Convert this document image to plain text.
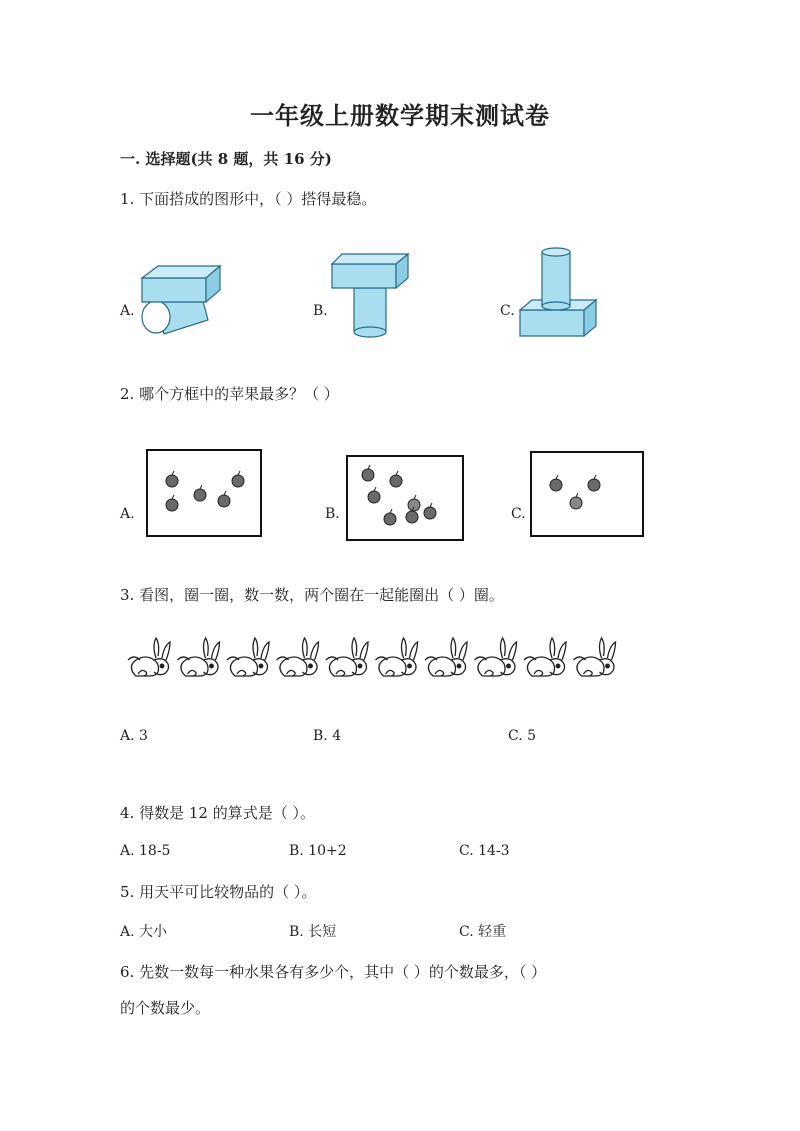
一年级上册数学期末测试卷
一. 选择题(共 8 题，共 16 分)
1. 下面搭成的图形中，（ ）搭得最稳。
A.	B.	C.
2. 哪个方框中的苹果最多？（ ）
A.	B.	C.
3. 看图，圈一圈，数一数，两个圈在一起能圈出（ ）圈。
A. 3	B. 4	C. 5
4. 得数是 12 的算式是（ ）。
A. 18-5	B. 10+2	C. 14-3
5. 用天平可比较物品的（ ）。
A. 大小	B. 长短	C. 轻重
6. 先数一数每一种水果各有多少个，其中（ ）的个数最多，（ ）
的个数最少。
